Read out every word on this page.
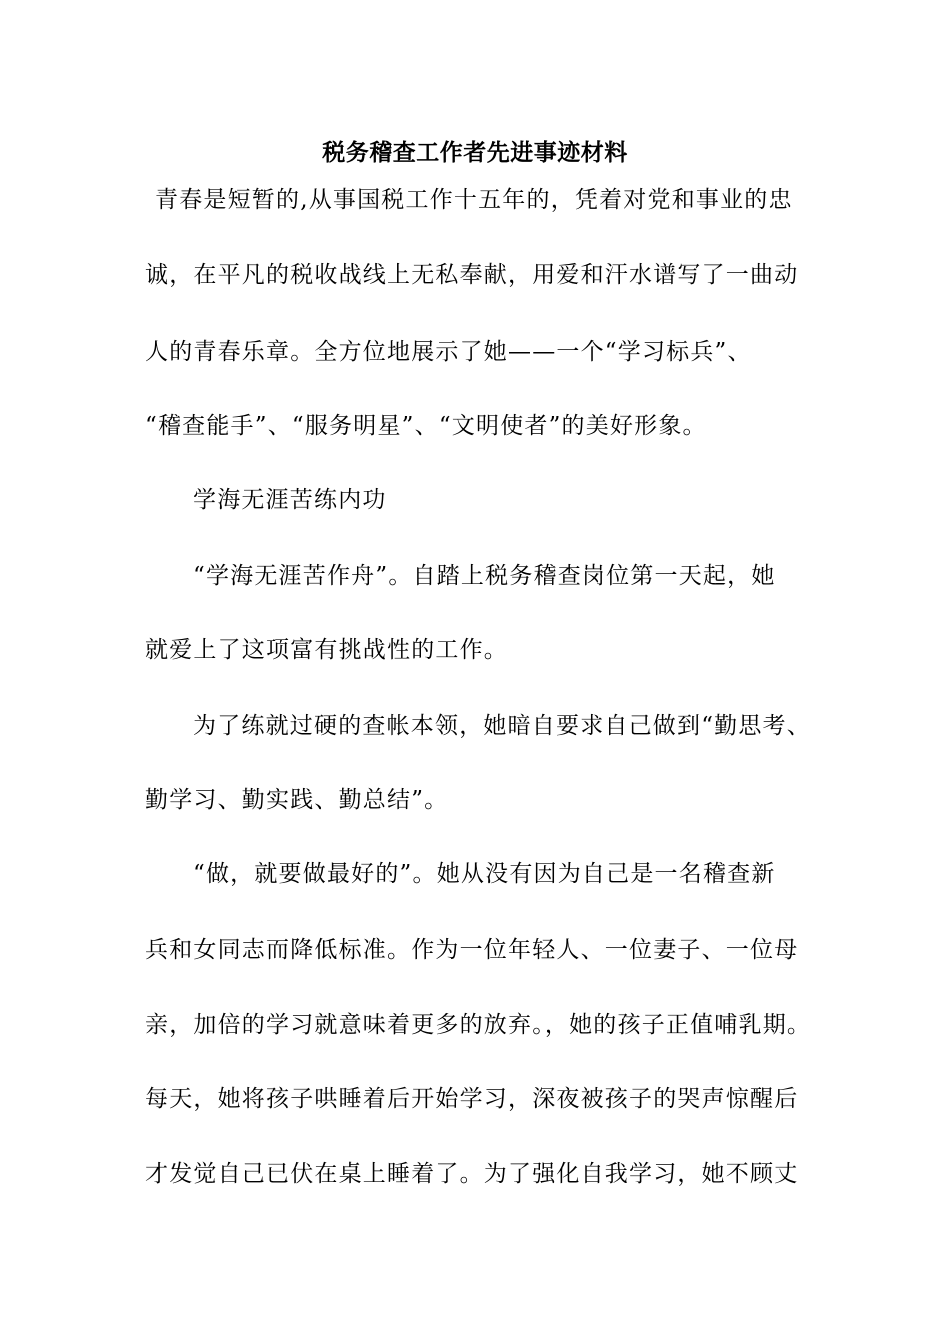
税务稽查工作者先进事迹材料
青春是短暂的,从事国税工作十五年的，凭着对党和事业的忠
诚，在平凡的税收战线上无私奉献，用爱和汗水谱写了一曲动
人的青春乐章。全方位地展示了她——一个“学习标兵”、
“稽查能手”、“服务明星”、“文明使者”的美好形象。
学海无涯苦练内功
“学海无涯苦作舟”。自踏上税务稽查岗位第一天起，她
就爱上了这项富有挑战性的工作。
为了练就过硬的查帐本领，她暗自要求自己做到“勤思考、
勤学习、勤实践、勤总结”。
“做，就要做最好的”。她从没有因为自己是一名稽查新
兵和女同志而降低标准。作为一位年轻人、一位妻子、一位母
亲，加倍的学习就意味着更多的放弃。，她的孩子正值哺乳期。
每天，她将孩子哄睡着后开始学习，深夜被孩子的哭声惊醒后
才发觉自己已伏在桌上睡着了。为了强化自我学习，她不顾丈
